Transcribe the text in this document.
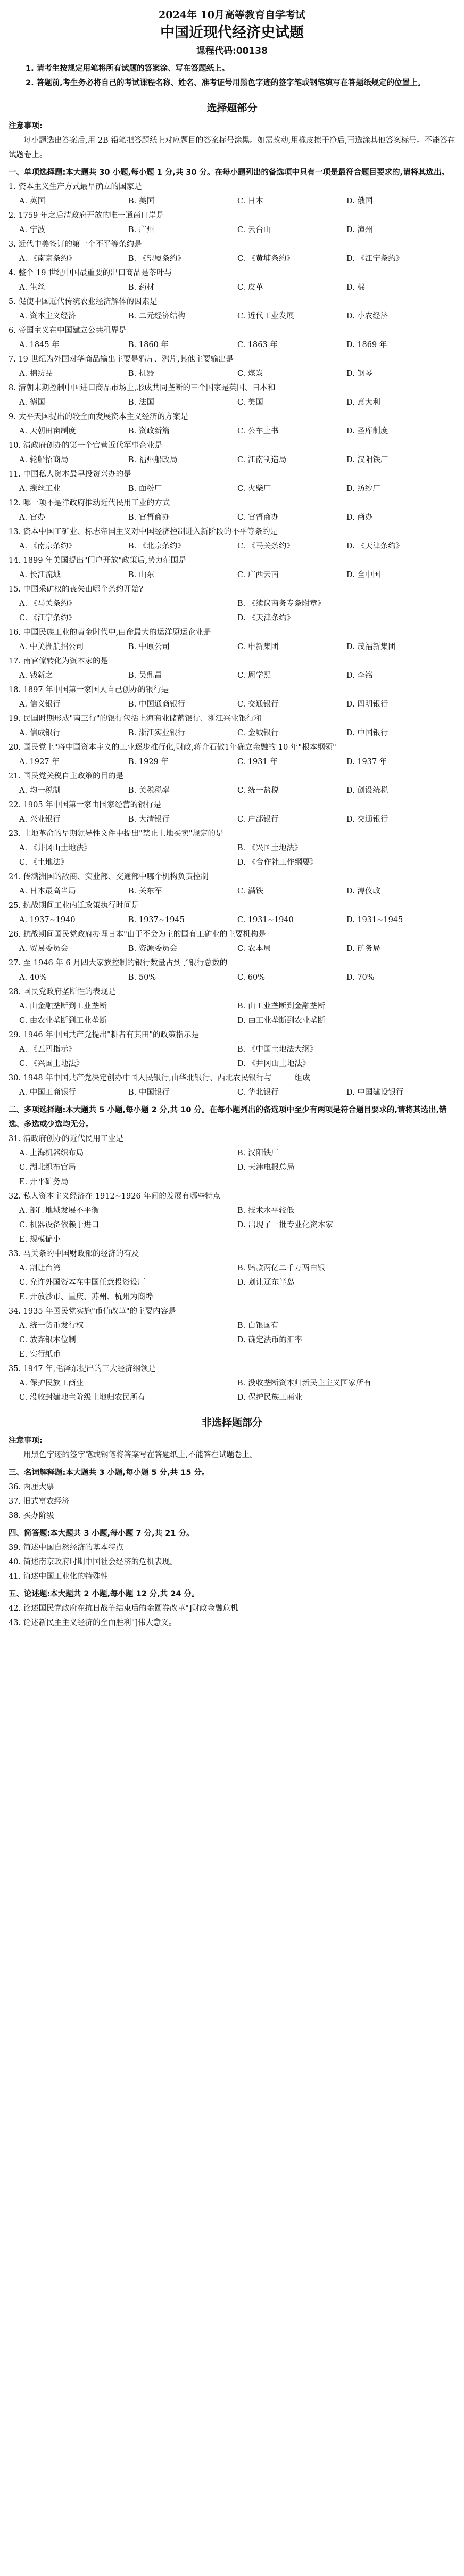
2024年 10月高等教育自学考试
中国近现代经济史试题
课程代码:00138

1. 请考生按规定用笔将所有试题的答案涂、写在答题纸上。

2. 答题前,考生务必将自己的考试课程名称、姓名、准考证号用黑色字迹的签字笔或钢笔填写在答题纸规定的位置上。

选择题部分
注意事项:

每小题选出答案后,用 2B 铅笔把答题纸上对应题目的答案标号涂黑。如需改动,用橡皮擦干净后,再选涂其他答案标号。不能答在试题卷上。

一、单项选择题:本大题共 30 小题,每小题 1 分,共 30 分。在每小题列出的备选项中只有一项是最符合题目要求的,请将其选出。
1. 资本主义生产方式最早确立的国家是
A. 英国	B. 美国	C. 日本	D. 俄国
2. 1759 年之后清政府开放的唯一通商口岸是
A. 宁波	B. 广州	C. 云台山	D. 漳州
3. 近代中美签订的第一个不平等条约是
A. 《南京条约》	B. 《望厦条约》	C. 《黄埔条约》	D. 《江宁条约》
4. 整个 19 世纪中国最重要的出口商品是茶叶与
A. 生丝	B. 药材	C. 皮革	D. 棉
5. 促使中国近代传统农业经济解体的因素是
A. 资本主义经济	B. 二元经济结构	C. 近代工业发展	D. 小农经济
6. 帝国主义在中国建立公共租界是
A. 1845 年	B. 1860 年	C. 1863 年	D. 1869 年
7. 19 世纪为外国对华商品输出主要是鸦片、鸦片,其他主要输出是
A. 棉纺品	B. 机器	C. 煤炭	D. 钢琴
8. 清朝末期控制中国进口商品市场上,形成共同垄断的三个国家是英国、日本和
A. 德国	B. 法国	C. 美国	D. 意大利
9. 太平天国提出的较全面发展资本主义经济的方案是
A. 天朝田亩制度	B. 资政新篇	C. 公车上书	D. 圣库制度
10. 清政府创办的第一个官营近代军事企业是
A. 轮船招商局	B. 福州船政局	C. 江南制造局	D. 汉阳铁厂
11. 中国私人资本最早投资兴办的是
A. 缫丝工业	B. 面粉厂	C. 火柴厂	D. 纺纱厂
12. 哪一项不是洋政府推动近代民用工业的方式
A. 官办	B. 官督商办	C. 官督商办	D. 商办
13. 资本中国工矿业、标志帝国主义对中国经济控制进入新阶段的不平等条约是
A. 《南京条约》	B. 《北京条约》	C. 《马关条约》	D. 《天津条约》
14. 1899 年美国提出"门户开放"政策后,势力范围是
A. 长江流域	B. 山东	C. 广西云南	D. 全中国
15. 中国采矿权的丧失由哪个条约开始?
A. 《马关条约》	B. 《续议商务专条附章》
C. 《江宁条约》	D. 《天津条约》
16. 中国民族工业的黄金时代中,由命最大的运洋原运企业是
A. 中美洲航招公司	B. 中原公司	C. 申新集团	D. 茂福新集团
17. 南官僚转化为资本家的是
A. 钱新之	B. 吴鼎昌	C. 周学熙	D. 李铭
18. 1897 年中国第一家国人自己创办的银行是
A. 信义银行	B. 中国通商银行	C. 交通银行	D. 四明银行
19. 民国时期形成"南三行"的银行包括上海商业储蓄银行、浙江兴业银行和
A. 信成银行	B. 浙江实业银行	C. 金城银行	D. 中国银行
20. 国民党上"将中国资本主义的工业逐步推行化,财政,蒋介石做1年确立金融的 10 年"根本纲领"
A. 1927 年	B. 1929 年	C. 1931 年	D. 1937 年
21. 国民党关税自主政策的目的是
A. 均一税制	B. 关税税率	C. 统一盐税	D. 创设统税
22. 1905 年中国第一家由国家经营的银行是
A. 兴业银行	B. 大清银行	C. 户部银行	D. 交通银行
23. 土地革命的早期领导性文件中提出"禁止土地买卖"规定的是
A. 《井冈山土地法》	B. 《兴国土地法》
C. 《土地法》	D. 《合作社工作纲要》
24. 传满洲国的敌商、实业部、交通部中哪个机构负责控制
A. 日本最高当局	B. 关东军	C. 满铁	D. 溥仪政
25. 抗战期间工业内迁政策执行时间是
A. 1937~1940	B. 1937~1945	C. 1931~1940	D. 1931~1945
26. 抗战期间国民党政府办理日本"由于不会为主的国有工矿业的主要机构是
A. 贸易委员会	B. 资源委员会	C. 农本局	D. 矿务局
27. 至 1946 年 6 月四大家族控制的银行数量占到了银行总数的
A. 40%	B. 50%	C. 60%	D. 70%
28. 国民党政府垄断性的表现是
A. 由金融垄断到工业垄断	B. 由工业垄断到金融垄断
C. 由农业垄断到工业垄断	D. 由工业垄断到农业垄断
29. 1946 年中国共产党提出"耕者有其田"的政策指示是
A. 《五四指示》	B. 《中国土地法大纲》
C. 《兴国土地法》	D. 《井冈山土地法》
30. 1948 年中国共产党决定创办中国人民银行,由华北银行、西北农民银行与______组成
A. 中国工商银行	B. 中国银行	C. 华北银行	D. 中国建设银行
二、多项选择题:本大题共 5 小题,每小题 2 分,共 10 分。在每小题列出的备选项中至少有两项是符合题目要求的,请将其选出,错选、多选或少选均无分。
31. 清政府创办的近代民用工业是
A. 上海机器织布局	B. 汉阳铁厂
C. 湖北织布官局	D. 天津电报总局
E. 开平矿务局
32. 私人资本主义经济在 1912~1926 年间的发展有哪些特点
A. 部门地域发展不平衡	B. 技术水平较低
C. 机器设备依赖于进口	D. 出现了一批专业化资本家
E. 规模偏小
33. 马关条约中国财政部的经济的有及
A. 割让台湾	B. 赔款两亿二千万两白银
C. 允许外国资本在中国任意投资设厂	D. 划让辽东半岛
E. 开放沙市、重庆、苏州、杭州为商埠
34. 1935 年国民党实施"币值改革"的主要内容是
A. 统一货币发行权	B. 白银国有
C. 放弃银本位制	D. 确定法币的汇率
E. 实行纸币
35. 1947 年,毛泽东提出的三大经济纲领是
A. 保护民族工商业	B. 没收垄断资本归新民主主义国家所有
C. 没收封建地主阶级土地归农民所有	D. 保护民族工商业
非选择题部分
注意事项:

用黑色字迹的签字笔或钢笔将答案写在答题纸上,不能答在试题卷上。

三、名词解释题:本大题共 3 小题,每小题 5 分,共 15 分。
36. 两厘大票
37. 旧式富农经济
38. 买办阶级
四、简答题:本大题共 3 小题,每小题 7 分,共 21 分。
39. 简述中国自然经济的基本特点
40. 简述南京政府时期中国社会经济的危机表现。
41. 简述中国工业化的特殊性
五、论述题:本大题共 2 小题,每小题 12 分,共 24 分。
42. 论述国民党政府在抗日战争结束后的金圆券改革"]财政金融危机
43. 论述新民主主义经济的全面胜利"]伟大意义。
